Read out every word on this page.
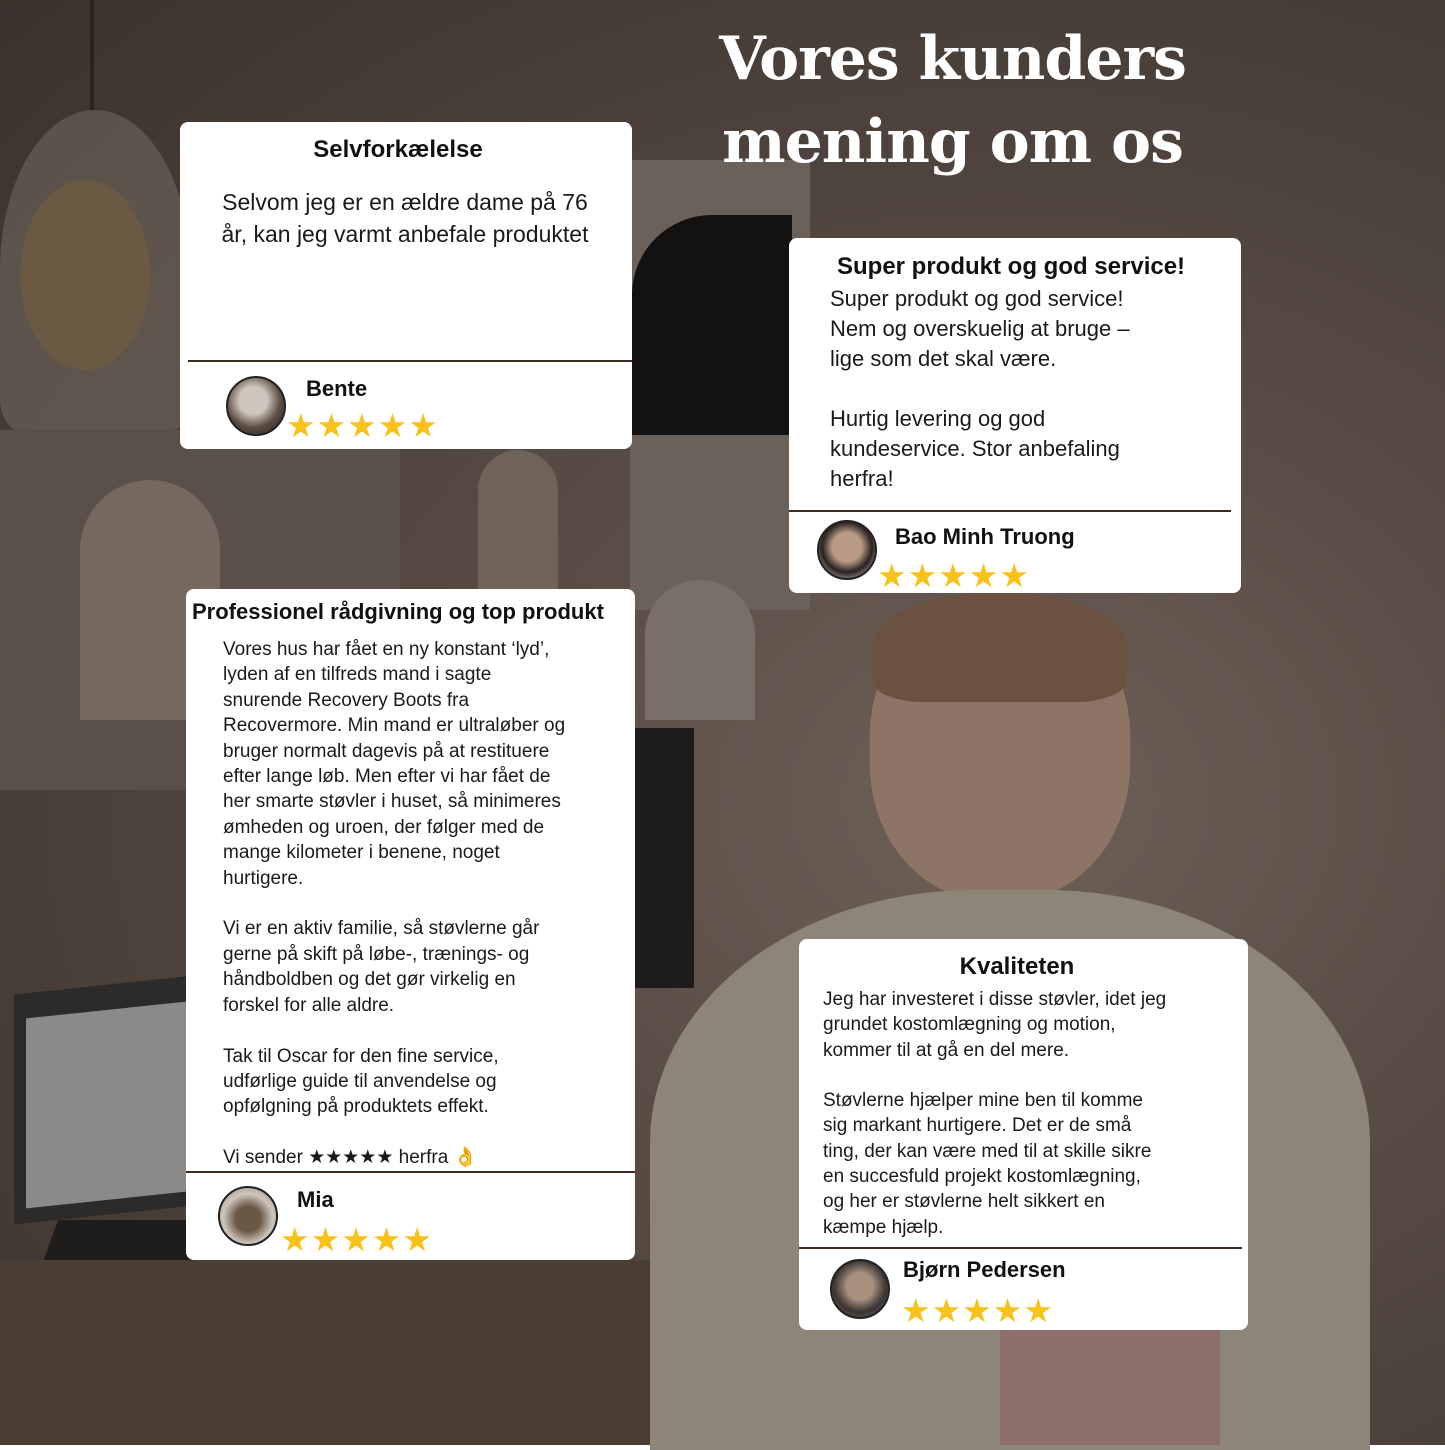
Vores kunders
mening om os
Selvforkælelse
Selvom jeg er en ældre dame på 76 år, kan jeg varmt anbefale produktet
Bente
★★★★★
Super produkt og god service!
Super produkt og god service!
Nem og overskuelig at bruge –
lige som det skal være.

Hurtig levering og god
kundeservice. Stor anbefaling
herfra!
Bao Minh Truong
★★★★★
Professionel rådgivning og top produkt
Vores hus har fået en ny konstant ‘lyd’,
lyden af en tilfreds mand i sagte
snurende Recovery Boots fra
Recovermore. Min mand er ultraløber og
bruger normalt dagevis på at restituere
efter lange løb. Men efter vi har fået de
her smarte støvler i huset, så minimeres
ømheden og uroen, der følger med de
mange kilometer i benene, noget
hurtigere.

Vi er en aktiv familie, så støvlerne går
gerne på skift på løbe-, trænings- og
håndboldben og det gør virkelig en
forskel for alle aldre.

Tak til Oscar for den fine service,
udførlige guide til anvendelse og
opfølgning på produktets effekt.

Vi sender ★★★★★ herfra 👌
Mia
★★★★★
Kvaliteten
Jeg har investeret i disse støvler, idet jeg
grundet kostomlægning og motion,
kommer til at gå en del mere.

Støvlerne hjælper mine ben til komme
sig markant hurtigere. Det er de små
ting, der kan være med til at skille sikre
en succesfuld projekt kostomlægning,
og her er støvlerne helt sikkert en
kæmpe hjælp.
Bjørn Pedersen
★★★★★
